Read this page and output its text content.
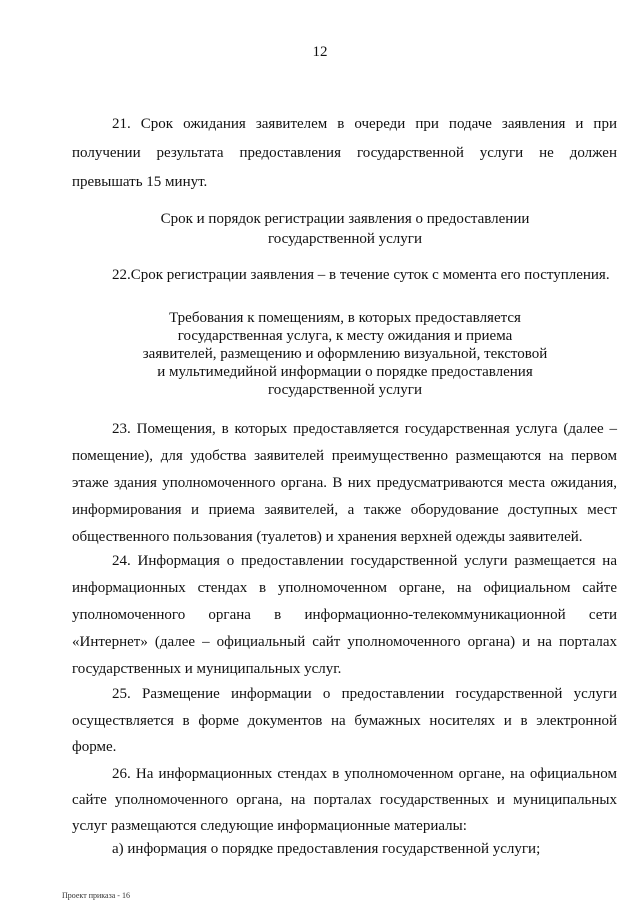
12
21. Срок ожидания заявителем в очереди при подаче заявления и при получении результата предоставления государственной услуги не должен превышать 15 минут.
Срок и порядок регистрации заявления о предоставлении государственной услуги
22.Срок регистрации заявления – в течение суток с момента его поступления.
Требования к помещениям, в которых предоставляется государственная услуга, к месту ожидания и приема заявителей, размещению и оформлению визуальной, текстовой и мультимедийной информации о порядке предоставления государственной услуги
23. Помещения, в которых предоставляется государственная услуга (далее – помещение), для удобства заявителей преимущественно размещаются на первом этаже здания уполномоченного органа. В них предусматриваются места ожидания, информирования и приема заявителей, а также оборудование доступных мест общественного пользования (туалетов) и хранения верхней одежды заявителей.
24. Информация о предоставлении государственной услуги размещается на информационных стендах в уполномоченном органе, на официальном сайте уполномоченного органа в информационно-телекоммуникационной сети «Интернет» (далее – официальный сайт уполномоченного органа) и на порталах государственных и муниципальных услуг.
25. Размещение информации о предоставлении государственной услуги осуществляется в форме документов на бумажных носителях и в электронной форме.
26. На информационных стендах в уполномоченном органе, на официальном сайте уполномоченного органа, на порталах государственных и муниципальных услуг размещаются следующие информационные материалы:
а) информация о порядке предоставления государственной услуги;
Проект приказа - 16
